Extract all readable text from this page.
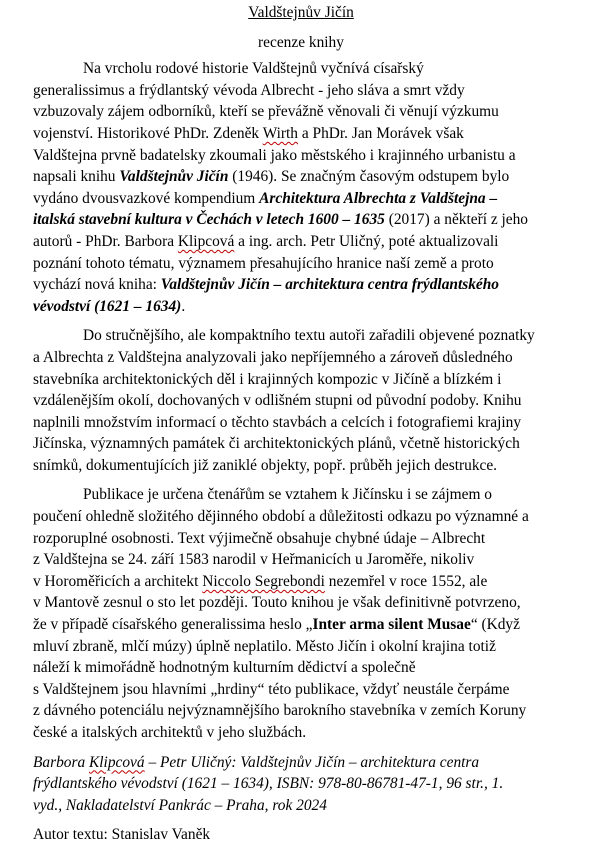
Valdštejnův Jičín

recenze knihy

Na vrcholu rodové historie Valdštejnů vyčnívá císařský
generalissimus a frýdlantský vévoda Albrecht - jeho sláva a smrt vždy
vzbuzovaly zájem odborníků, kteří se převážně věnovali či věnují výzkumu
vojenství. Historikové PhDr. Zdeněk Wirth a PhDr. Jan Morávek však
Valdštejna prvně badatelsky zkoumali jako městského i krajinného urbanistu a
napsali knihu Valdštejnův Jičín (1946). Se značným časovým odstupem bylo
vydáno dvousvazkové kompendium Architektura Albrechta z Valdštejna –
italská stavební kultura v Čechách v letech 1600 – 1635 (2017) a někteří z jeho
autorů - PhDr. Barbora Klipcová a ing. arch. Petr Uličný, poté aktualizovali
poznání tohoto tématu, významem přesahujícího hranice naší země a proto
vychází nová kniha: Valdštejnův Jičín – architektura centra frýdlantského
vévodství (1621 – 1634).
Do stručnějšího, ale kompaktního textu autoři zařadili objevené poznatky
a Albrechta z Valdštejna analyzovali jako nepříjemného a zároveň důsledného
stavebníka architektonických děl i krajinných kompozic v Jičíně a blízkém i
vzdálenějším okolí, dochovaných v odlišném stupni od původní podoby. Knihu
naplnili množstvím informací o těchto stavbách a celcích i fotografiemi krajiny
Jičínska, významných památek či architektonických plánů, včetně historických
snímků, dokumentujících již zaniklé objekty, popř. průběh jejich destrukce.
Publikace je určena čtenářům se vztahem k Jičínsku i se zájmem o
poučení ohledně složitého dějinného období a důležitosti odkazu po významné a
rozporuplné osobnosti. Text výjimečně obsahuje chybné údaje – Albrecht
z Valdštejna se 24. září 1583 narodil v Heřmanicích u Jaroměře, nikoliv
v Horoměřicích a architekt Niccolo Segrebondi nezemřel v roce 1552, ale
v Mantově zesnul o sto let později. Touto knihou je však definitivně potvrzeno,
že v případě císařského generalissima heslo „Inter arma silent Musae“ (Když
mluví zbraně, mlčí múzy) úplně neplatilo. Město Jičín i okolní krajina totiž
náleží k mimořádně hodnotným kulturním dědictví a společně
s Valdštejnem jsou hlavními „hrdiny“ této publikace, vždyť neustále čerpáme
z dávného potenciálu nejvýznamnějšího barokního stavebníka v zemích Koruny
české a italských architektů v jeho službách.
Barbora Klipcová – Petr Uličný: Valdštejnův Jičín – architektura centra
frýdlantského vévodství (1621 – 1634), ISBN: 978-80-86781-47-1, 96 str., 1.
vyd., Nakladatelství Pankrác – Praha, rok 2024

Autor textu: Stanislav Vaněk
